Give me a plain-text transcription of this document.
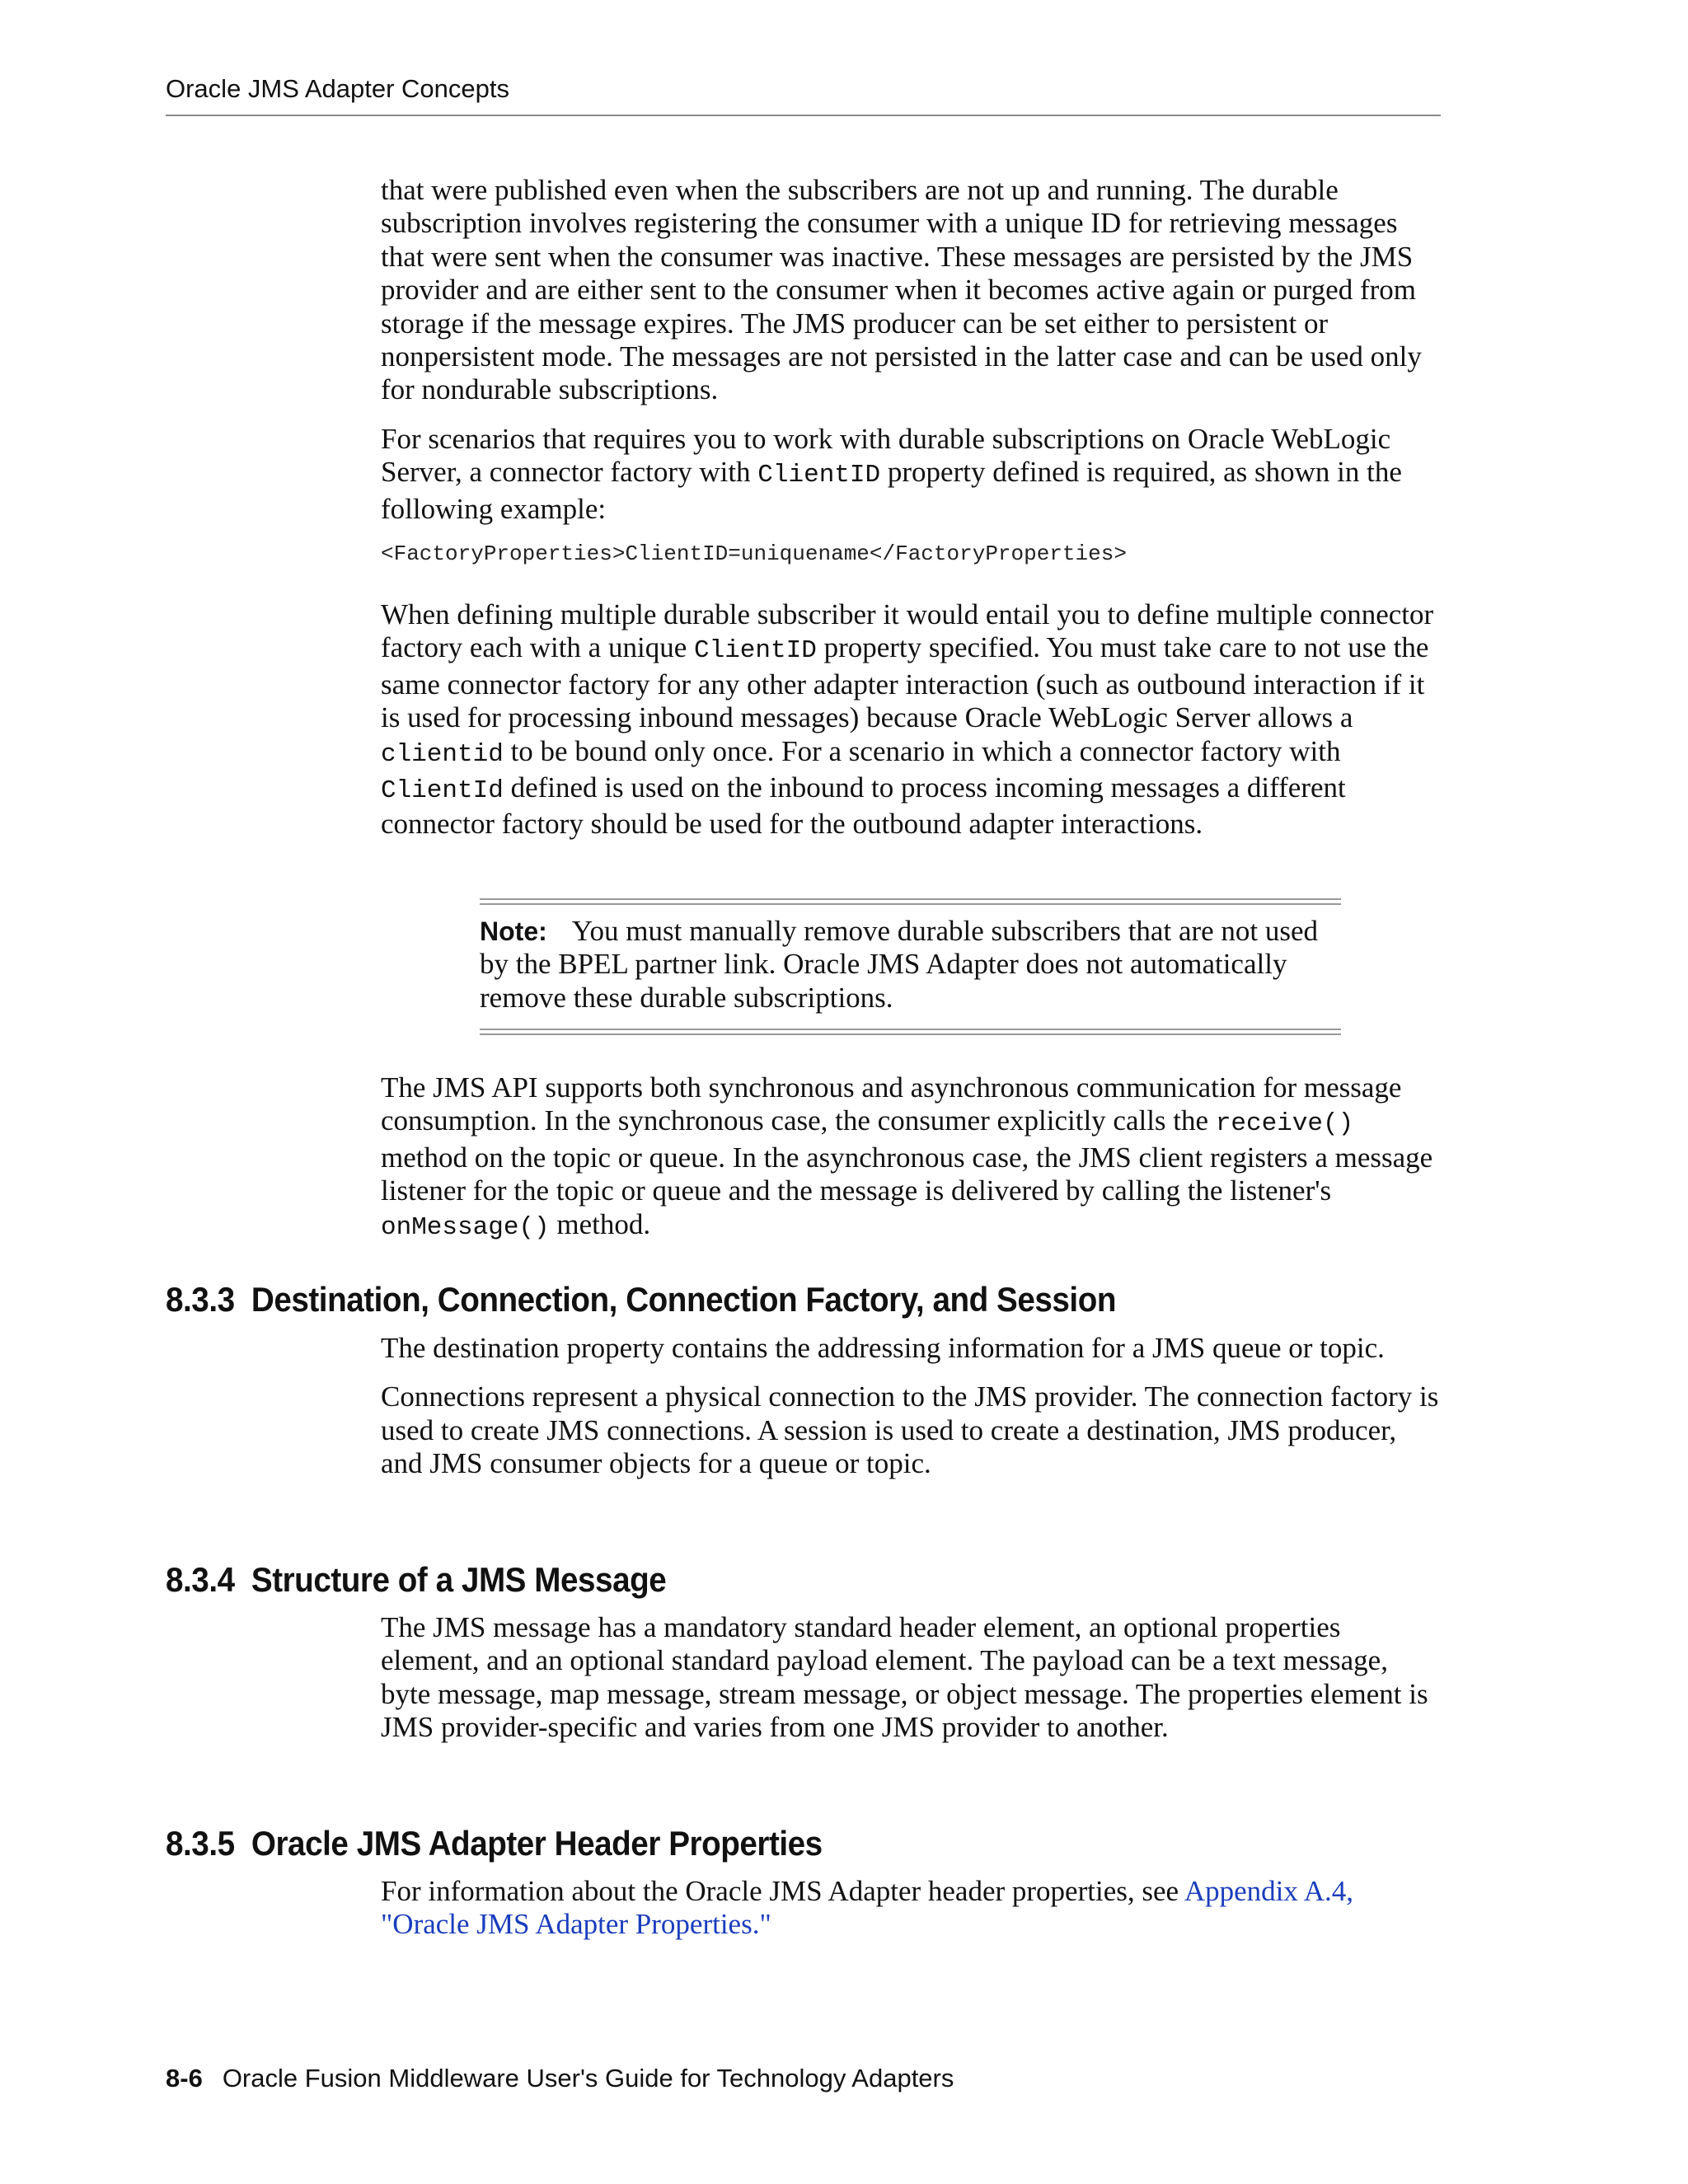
Oracle JMS Adapter Concepts

that were published even when the subscribers are not up and running. The durable subscription involves registering the consumer with a unique ID for retrieving messages that were sent when the consumer was inactive. These messages are persisted by the JMS provider and are either sent to the consumer when it becomes active again or purged from storage if the message expires. The JMS producer can be set either to persistent or nonpersistent mode. The messages are not persisted in the latter case and can be used only for nondurable subscriptions.

For scenarios that requires you to work with durable subscriptions on Oracle WebLogic Server, a connector factory with ClientID property defined is required, as shown in the following example:

<FactoryProperties>ClientID=uniquename</FactoryProperties>

When defining multiple durable subscriber it would entail you to define multiple connector factory each with a unique ClientID property specified. You must take care to not use the same connector factory for any other adapter interaction (such as outbound interaction if it is used for processing inbound messages) because Oracle WebLogic Server allows a clientid to be bound only once. For a scenario in which a connector factory with ClientId defined is used on the inbound to process incoming messages a different connector factory should be used for the outbound adapter interactions.

Note: You must manually remove durable subscribers that are not used by the BPEL partner link. Oracle JMS Adapter does not automatically remove these durable subscriptions.

The JMS API supports both synchronous and asynchronous communication for message consumption. In the synchronous case, the consumer explicitly calls the receive() method on the topic or queue. In the asynchronous case, the JMS client registers a message listener for the topic or queue and the message is delivered by calling the listener's onMessage() method.

8.3.3 Destination, Connection, Connection Factory, and Session

The destination property contains the addressing information for a JMS queue or topic.

Connections represent a physical connection to the JMS provider. The connection factory is used to create JMS connections. A session is used to create a destination, JMS producer, and JMS consumer objects for a queue or topic.

8.3.4 Structure of a JMS Message

The JMS message has a mandatory standard header element, an optional properties element, and an optional standard payload element. The payload can be a text message, byte message, map message, stream message, or object message. The properties element is JMS provider-specific and varies from one JMS provider to another.

8.3.5 Oracle JMS Adapter Header Properties

For information about the Oracle JMS Adapter header properties, see Appendix A.4, "Oracle JMS Adapter Properties."

8-6 Oracle Fusion Middleware User's Guide for Technology Adapters
